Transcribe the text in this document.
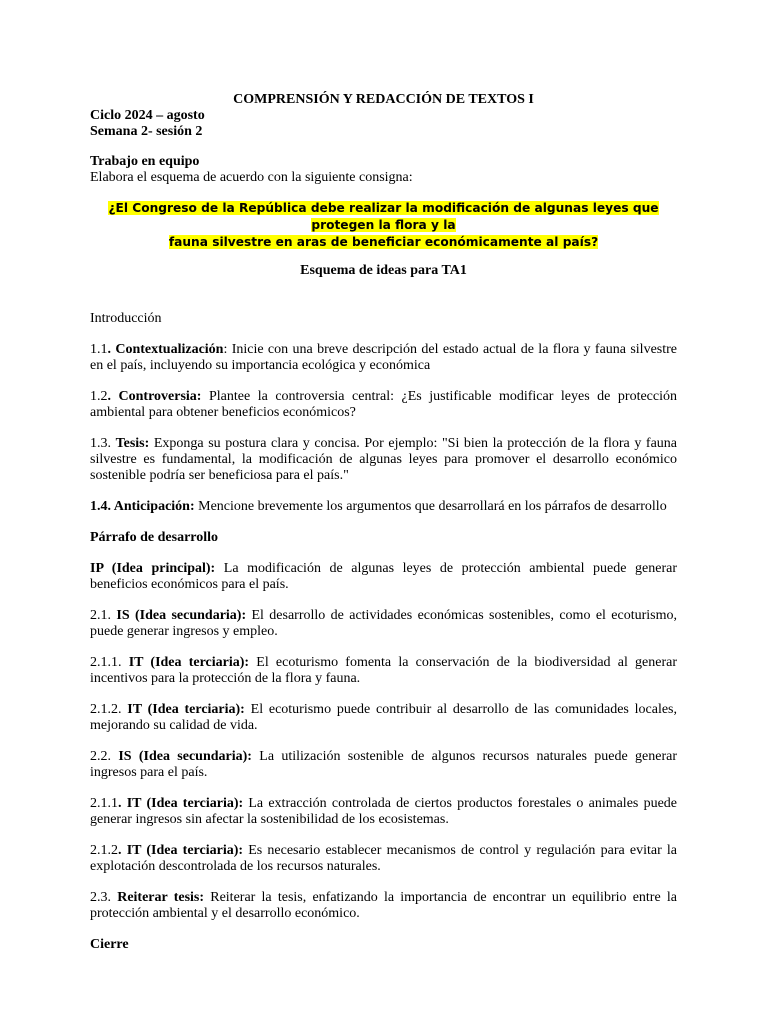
COMPRENSIÓN Y REDACCIÓN DE TEXTOS I

Ciclo 2024 – agosto

Semana 2- sesión 2

Trabajo en equipo

Elabora el esquema de acuerdo con la siguiente consigna:

¿El Congreso de la República debe realizar la modificación de algunas leyes que protegen la flora y la
fauna silvestre en aras de beneficiar económicamente al país?

Esquema de ideas para TA1

Introducción

1.1. Contextualización: Inicie con una breve descripción del estado actual de la flora y fauna silvestre en el país, incluyendo su importancia ecológica y económica

1.2. Controversia: Plantee la controversia central: ¿Es justificable modificar leyes de protección ambiental para obtener beneficios económicos?

1.3. Tesis: Exponga su postura clara y concisa. Por ejemplo: "Si bien la protección de la flora y fauna silvestre es fundamental, la modificación de algunas leyes para promover el desarrollo económico sostenible podría ser beneficiosa para el país."

1.4. Anticipación: Mencione brevemente los argumentos que desarrollará en los párrafos de desarrollo

Párrafo de desarrollo

IP (Idea principal): La modificación de algunas leyes de protección ambiental puede generar beneficios económicos para el país.

2.1. IS (Idea secundaria): El desarrollo de actividades económicas sostenibles, como el ecoturismo, puede generar ingresos y empleo.

2.1.1. IT (Idea terciaria): El ecoturismo fomenta la conservación de la biodiversidad al generar incentivos para la protección de la flora y fauna.

2.1.2. IT (Idea terciaria): El ecoturismo puede contribuir al desarrollo de las comunidades locales, mejorando su calidad de vida.

2.2. IS (Idea secundaria): La utilización sostenible de algunos recursos naturales puede generar ingresos para el país.

2.1.1. IT (Idea terciaria): La extracción controlada de ciertos productos forestales o animales puede generar ingresos sin afectar la sostenibilidad de los ecosistemas.

2.1.2. IT (Idea terciaria): Es necesario establecer mecanismos de control y regulación para evitar la explotación descontrolada de los recursos naturales.

2.3. Reiterar tesis: Reiterar la tesis, enfatizando la importancia de encontrar un equilibrio entre la protección ambiental y el desarrollo económico.

Cierre
